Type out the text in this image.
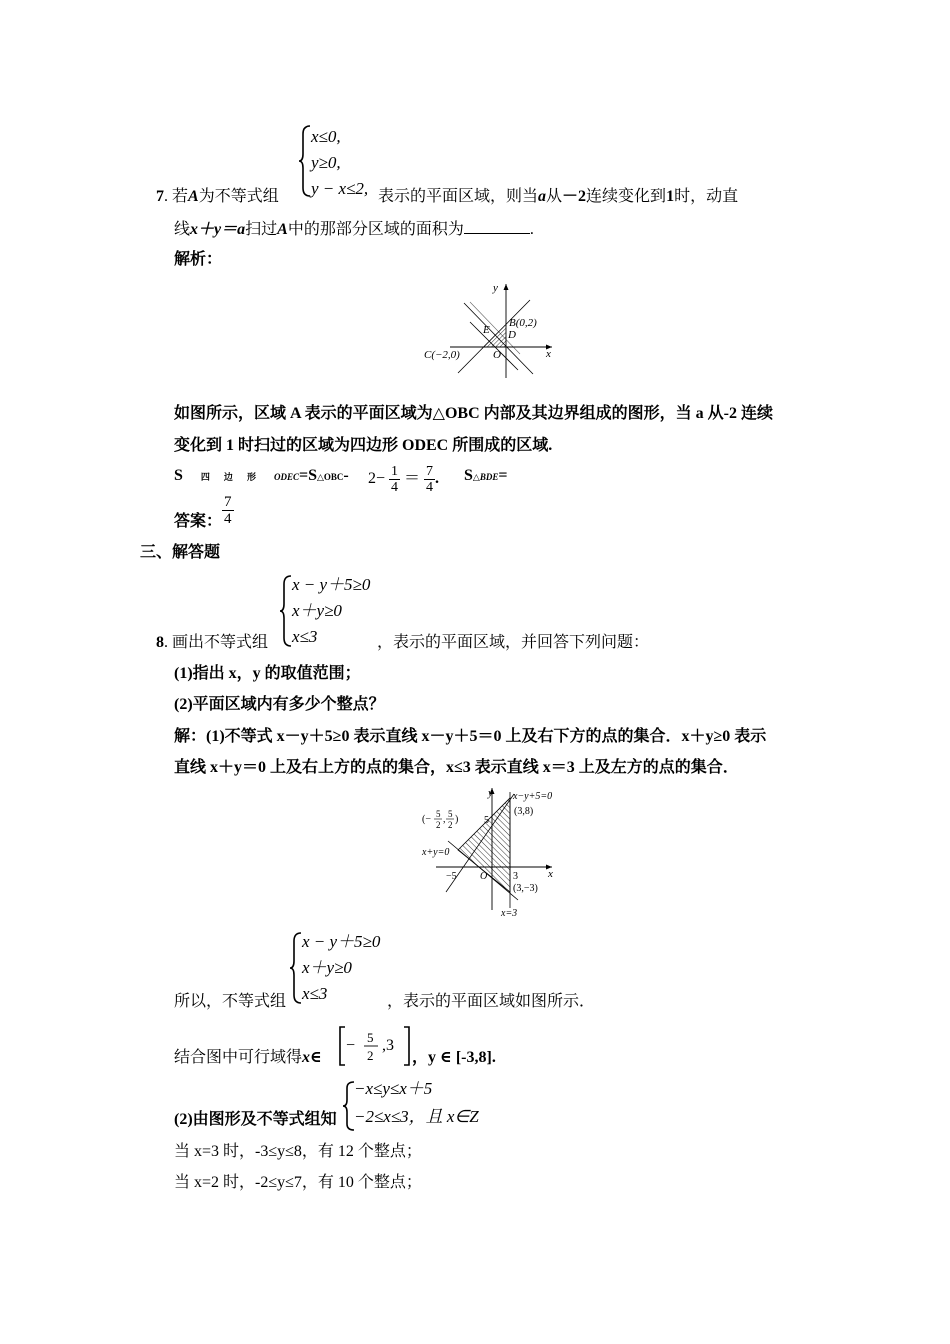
x≤0,
y≥0,
y − x≤2,
7. 若A为不等式组	表示的平面区域，则当a从－2连续变化到1时，动直
线x＋y＝a扫过A中的那部分区域的面积为	.
解析：
y
x
B(0,2)
E D
O
C(−2,0)
如图所示，区域 A 表示的平面区域为△OBC 内部及其边界组成的图形，当 a 从-2 连续
变化到 1 时扫过的区域为四边形 ODEC 所围成的区域.
S 四 边 形 ODEC=S△OBC- $2- \frac{1}{4} = \frac{7}{4}$ . S△BDE=
答案： $\frac{7}{4}$
三、解答题
x − y＋5≥0
x＋y≥0
x≤3
8. 画出不等式组	，表示的平面区域，并回答下列问题：
(1)指出 x，y 的取值范围；
(2)平面区域内有多少个整点？
解：(1)不等式 x－y＋5≥0 表示直线 x－y＋5＝0 上及右下方的点的集合．x＋y≥0 表示
直线 x＋y＝0 上及右上方的点的集合，x≤3 表示直线 x＝3 上及左方的点的集合．
y
x
x−y+5=0
(3,8)
(− 5
2 , 5
2 )	5
x+y=0
−5 O	3
(3,−3)
x=3
x − y＋5≥0
x＋y≥0
x≤3
所以，不等式组	，表示的平面区域如图所示．
结合图中可行域得x∈
− 5
2
,3
，y ∈ [-3,8].
(2)由图形及不等式组知
−x≤y≤x＋5
−2≤x≤3，且 x∈Z
当 x=3 时，-3≤y≤8，有 12 个整点；
当 x=2 时，-2≤y≤7，有 10 个整点；
